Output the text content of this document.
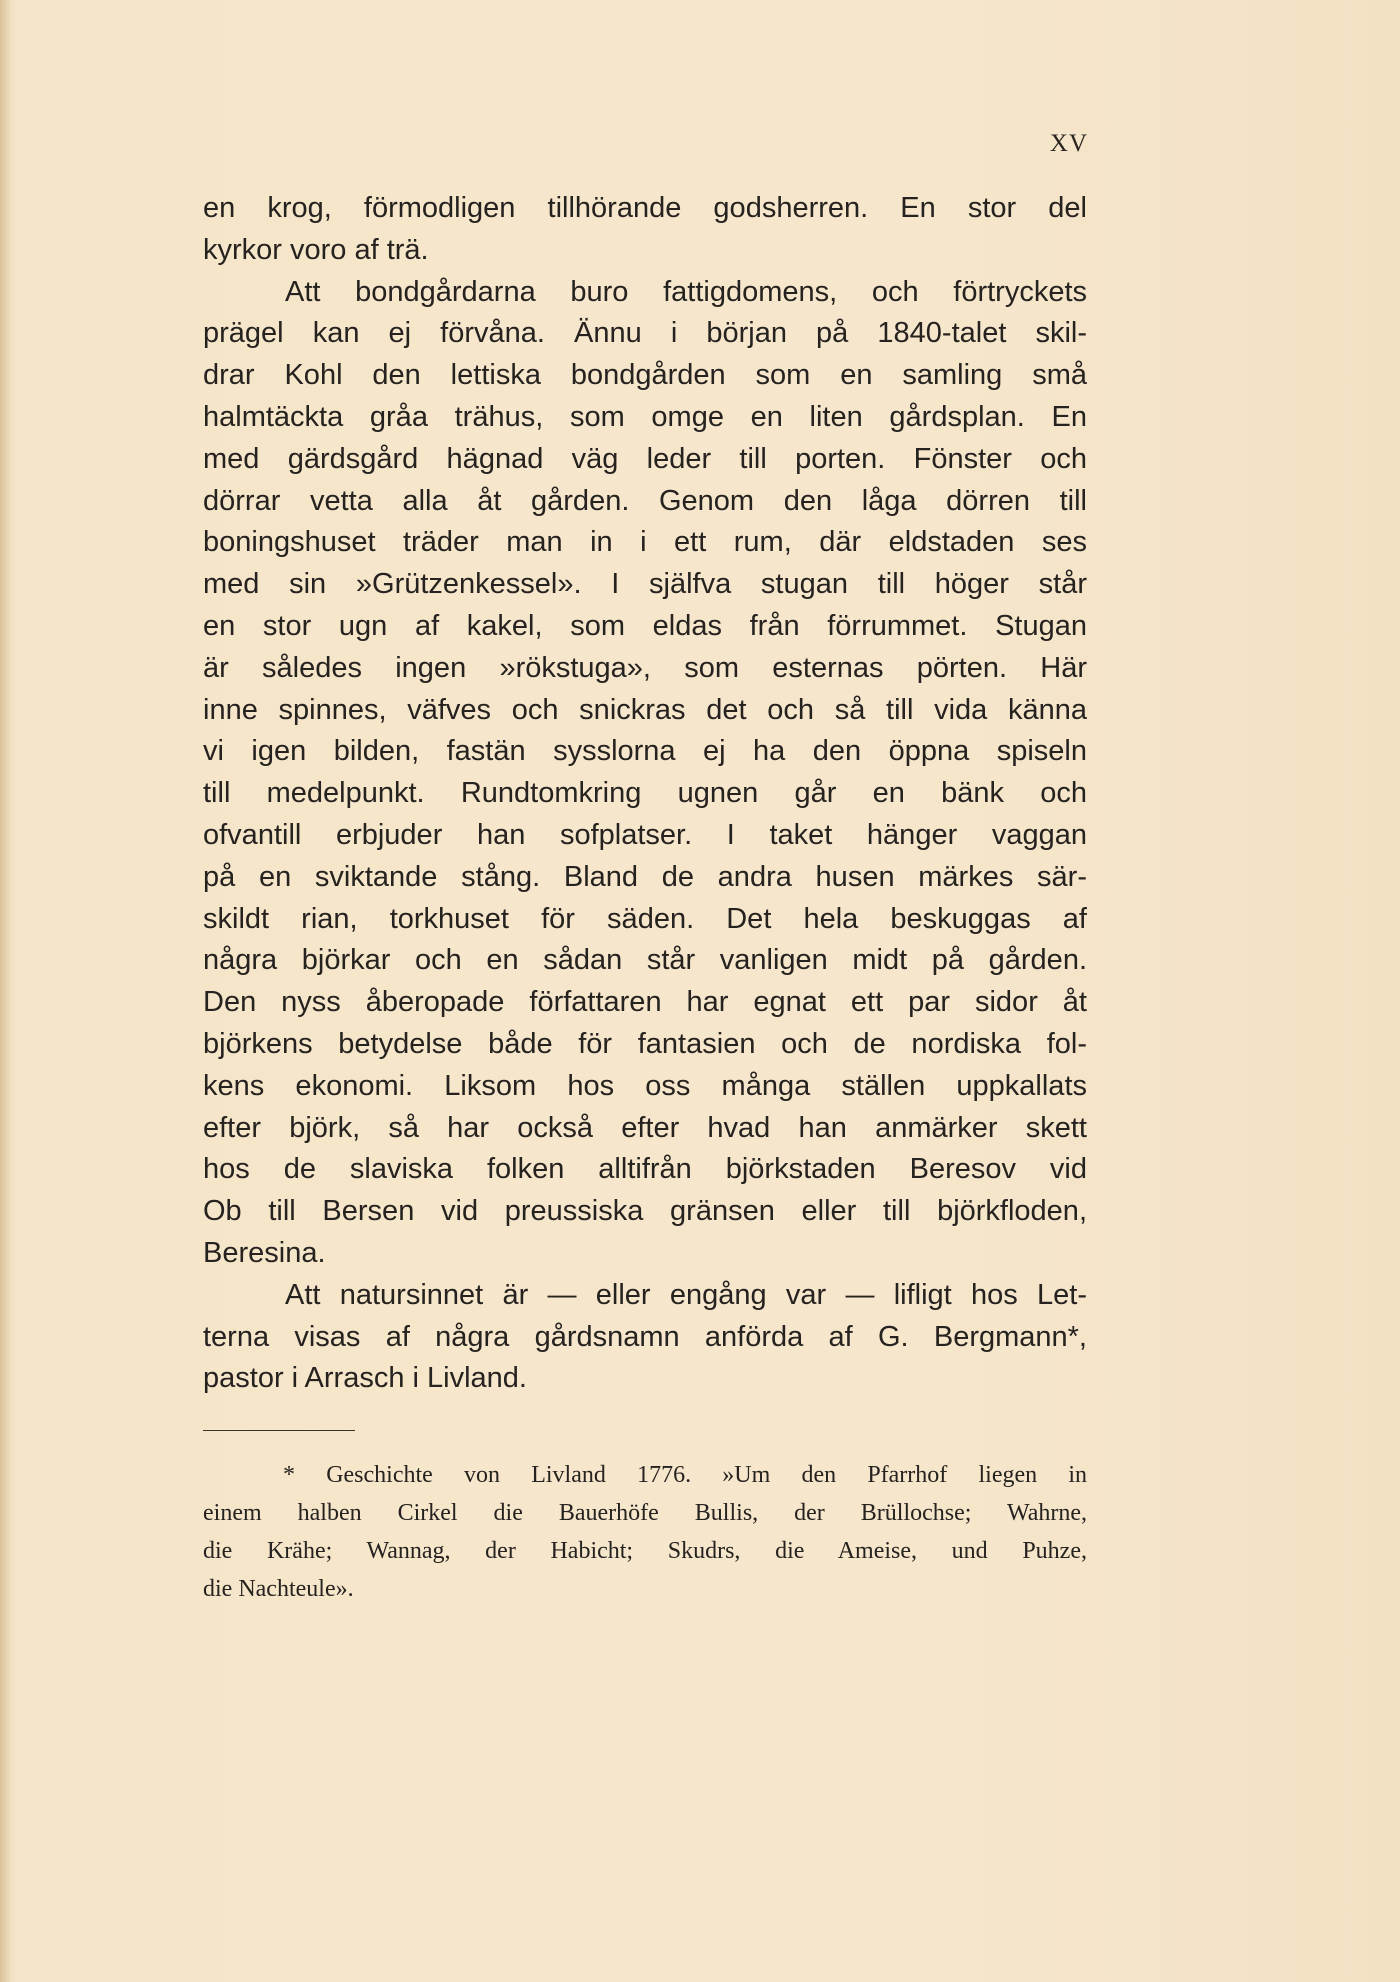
XV
en krog, förmodligen tillhörande godsherren. En stor del
kyrkor voro af trä.
Att bondgårdarna buro fattigdomens, och förtryckets
prägel kan ej förvåna. Ännu i början på 1840-talet skil-
drar Kohl den lettiska bondgården som en samling små
halmtäckta gråa trähus, som omge en liten gårdsplan. En
med gärdsgård hägnad väg leder till porten. Fönster och
dörrar vetta alla åt gården. Genom den låga dörren till
boningshuset träder man in i ett rum, där eldstaden ses
med sin »Grützenkessel». I själfva stugan till höger står
en stor ugn af kakel, som eldas från förrummet. Stugan
är således ingen »rökstuga», som esternas pörten. Här
inne spinnes, väfves och snickras det och så till vida känna
vi igen bilden, fastän sysslorna ej ha den öppna spiseln
till medelpunkt. Rundtomkring ugnen går en bänk och
ofvantill erbjuder han sofplatser. I taket hänger vaggan
på en sviktande stång. Bland de andra husen märkes sär-
skildt rian, torkhuset för säden. Det hela beskuggas af
några björkar och en sådan står vanligen midt på gården.
Den nyss åberopade författaren har egnat ett par sidor åt
björkens betydelse både för fantasien och de nordiska fol-
kens ekonomi. Liksom hos oss många ställen uppkallats
efter björk, så har också efter hvad han anmärker skett
hos de slaviska folken alltifrån björkstaden Beresov vid
Ob till Bersen vid preussiska gränsen eller till björkfloden,
Beresina.
Att natursinnet är — eller engång var — lifligt hos Let-
terna visas af några gårdsnamn anförda af G. Bergmann*,
pastor i Arrasch i Livland.
* Geschichte von Livland 1776. »Um den Pfarrhof liegen in
einem halben Cirkel die Bauerhöfe Bullis, der Brüllochse; Wahrne,
die Krähe; Wannag, der Habicht; Skudrs, die Ameise, und Puhze,
die Nachteule».
